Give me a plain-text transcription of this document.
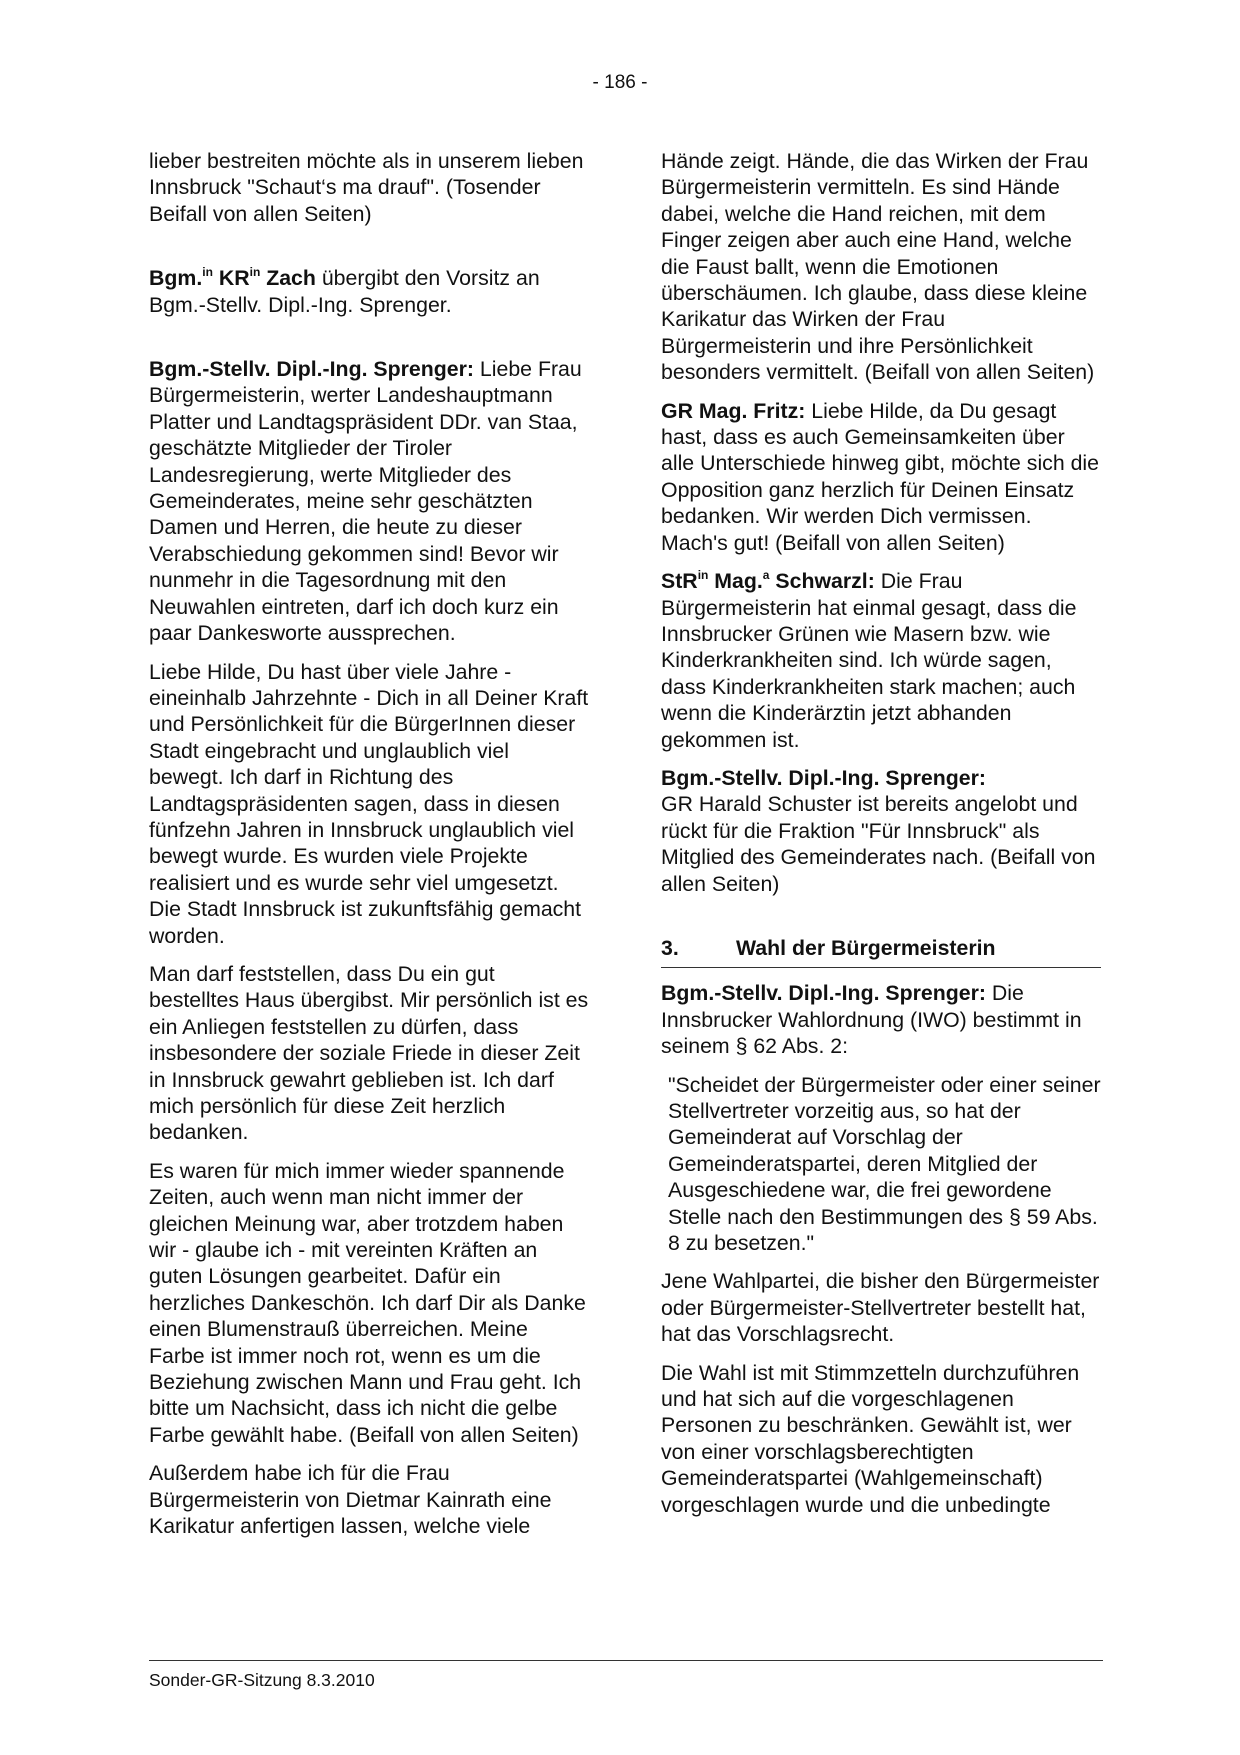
- 186 -

lieber bestreiten möchte als in unserem lieben Innsbruck "Schaut‘s ma drauf". (Tosender Beifall von allen Seiten)

Bgm.$^{in}$ $KR^{in}$ Zach übergibt den Vorsitz an Bgm.-Stellv. Dipl.-Ing. Sprenger.

Bgm.-Stellv. Dipl.-Ing. Sprenger: Liebe Frau Bürgermeisterin, werter Landeshauptmann Platter und Landtagspräsident DDr. van Staa, geschätzte Mitglieder der Tiroler Landesregierung, werte Mitglieder des Gemeinderates, meine sehr geschätzten Damen und Herren, die heute zu dieser Verabschiedung gekommen sind! Bevor wir nunmehr in die Tagesordnung mit den Neuwahlen eintreten, darf ich doch kurz ein paar Dankesworte aussprechen.

Liebe Hilde, Du hast über viele Jahre - eineinhalb Jahrzehnte - Dich in all Deiner Kraft und Persönlichkeit für die BürgerInnen dieser Stadt eingebracht und unglaublich viel bewegt. Ich darf in Richtung des Landtagspräsidenten sagen, dass in diesen fünfzehn Jahren in Innsbruck unglaublich viel bewegt wurde. Es wurden viele Projekte realisiert und es wurde sehr viel umgesetzt. Die Stadt Innsbruck ist zukunftsfähig gemacht worden.

Man darf feststellen, dass Du ein gut bestelltes Haus übergibst. Mir persönlich ist es ein Anliegen feststellen zu dürfen, dass insbesondere der soziale Friede in dieser Zeit in Innsbruck gewahrt geblieben ist. Ich darf mich persönlich für diese Zeit herzlich bedanken.

Es waren für mich immer wieder spannende Zeiten, auch wenn man nicht immer der gleichen Meinung war, aber trotzdem haben wir - glaube ich - mit vereinten Kräften an guten Lösungen gearbeitet. Dafür ein herzliches Dankeschön. Ich darf Dir als Danke einen Blumenstrauß überreichen. Meine Farbe ist immer noch rot, wenn es um die Beziehung zwischen Mann und Frau geht. Ich bitte um Nachsicht, dass ich nicht die gelbe Farbe gewählt habe. (Beifall von allen Seiten)

Außerdem habe ich für die Frau Bürgermeisterin von Dietmar Kainrath eine Karikatur anfertigen lassen, welche viele

Hände zeigt. Hände, die das Wirken der Frau Bürgermeisterin vermitteln. Es sind Hände dabei, welche die Hand reichen, mit dem Finger zeigen aber auch eine Hand, welche die Faust ballt, wenn die Emotionen überschäumen. Ich glaube, dass diese kleine Karikatur das Wirken der Frau Bürgermeisterin und ihre Persönlichkeit besonders vermittelt. (Beifall von allen Seiten)

GR Mag. Fritz: Liebe Hilde, da Du gesagt hast, dass es auch Gemeinsamkeiten über alle Unterschiede hinweg gibt, möchte sich die Opposition ganz herzlich für Deinen Einsatz bedanken. Wir werden Dich vermissen. Mach's gut! (Beifall von allen Seiten)

StR$^{in}$ Mag.$^a$ Schwarzl: Die Frau Bürgermeisterin hat einmal gesagt, dass die Innsbrucker Grünen wie Masern bzw. wie Kinderkrankheiten sind. Ich würde sagen, dass Kinderkrankheiten stark machen; auch wenn die Kinderärztin jetzt abhanden gekommen ist.

Bgm.-Stellv. Dipl.-Ing. Sprenger:
GR Harald Schuster ist bereits angelobt und rückt für die Fraktion "Für Innsbruck" als Mitglied des Gemeinderates nach. (Beifall von allen Seiten)

3.	Wahl der Bürgermeisterin

Bgm.-Stellv. Dipl.-Ing. Sprenger: Die Innsbrucker Wahlordnung (IWO) bestimmt in seinem § 62 Abs. 2:

"Scheidet der Bürgermeister oder einer seiner Stellvertreter vorzeitig aus, so hat der Gemeinderat auf Vorschlag der Gemeinderatspartei, deren Mitglied der Ausgeschiedene war, die frei gewordene Stelle nach den Bestimmungen des § 59 Abs. 8 zu besetzen."

Jene Wahlpartei, die bisher den Bürgermeister oder Bürgermeister-Stellvertreter bestellt hat, hat das Vorschlagsrecht.

Die Wahl ist mit Stimmzetteln durchzuführen und hat sich auf die vorgeschlagenen Personen zu beschränken. Gewählt ist, wer von einer vorschlagsberechtigten Gemeinderatspartei (Wahlgemeinschaft) vorgeschlagen wurde und die unbedingte

Sonder-GR-Sitzung 8.3.2010
